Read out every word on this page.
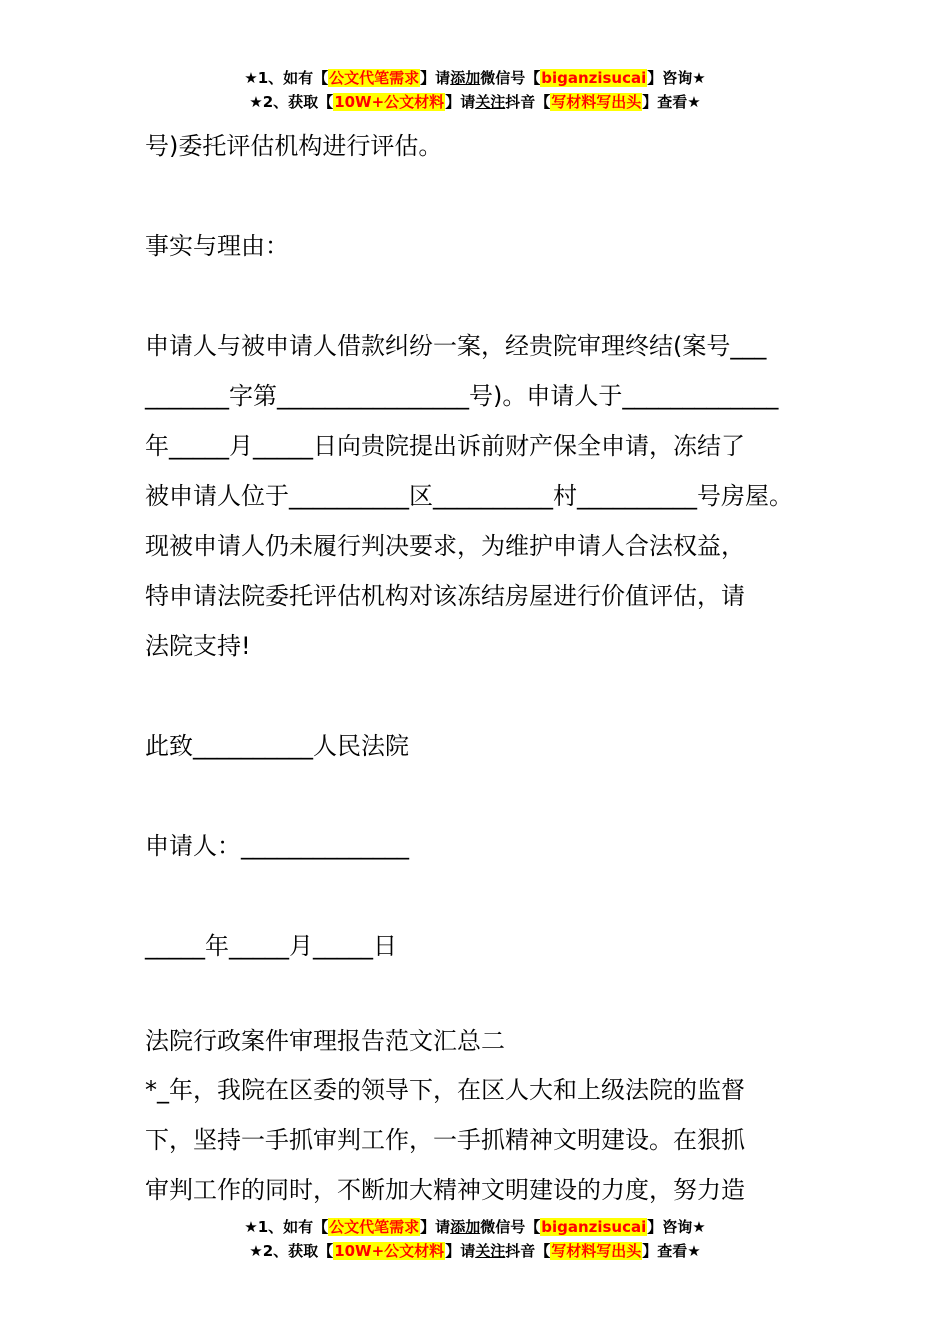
★1、如有【公文代笔需求】请添加微信号【biganzisucai】咨询★
★2、获取【10W+公文材料】请关注抖音【写材料写出头】查看★
号)委托评估机构进行评估。

事实与理由：

申请人与被申请人借款纠纷一案，经贵院审理终结(案号___
_______字第________________号)。申请人于_____________
年_____月_____日向贵院提出诉前财产保全申请，冻结了
被申请人位于__________区__________村__________号房屋。
现被申请人仍未履行判决要求，为维护申请人合法权益，
特申请法院委托评估机构对该冻结房屋进行价值评估，请
法院支持!

此致__________人民法院

申请人：______________

_____年_____月_____日

法院行政案件审理报告范文汇总二
*_年，我院在区委的领导下，在区人大和上级法院的监督
下，坚持一手抓审判工作，一手抓精神文明建设。在狠抓
审判工作的同时，不断加大精神文明建设的力度，努力造
★1、如有【公文代笔需求】请添加微信号【biganzisucai】咨询★
★2、获取【10W+公文材料】请关注抖音【写材料写出头】查看★
